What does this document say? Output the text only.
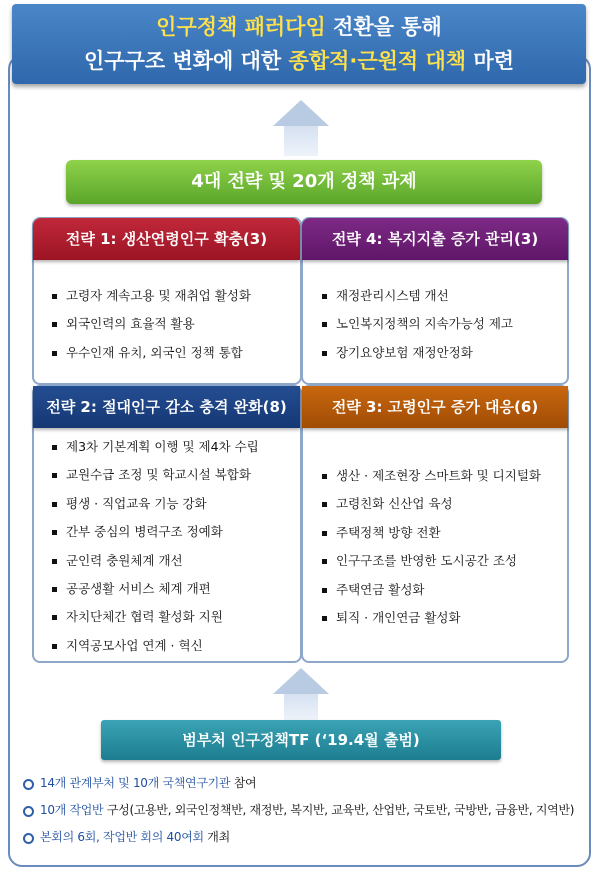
인구정책 패러다임 전환을 통해
인구구조 변화에 대한 종합적·근원적 대책 마련
4대 전략 및 20개 정책 과제
전략 1: 생산연령인구 확충(3)	전략 4: 복지지출 증가 관리(3)
전략 2: 절대인구 감소 충격 완화(8)	전략 3: 고령인구 증가 대응(6)
고령자 계속고용 및 재취업 활성화
외국인력의 효율적 활용
우수인재 유치, 외국인 정책 통합
재정관리시스템 개선
노인복지정책의 지속가능성 제고
장기요양보험 재정안정화
제3차 기본계획 이행 및 제4차 수립
교원수급 조정 및 학교시설 복합화
평생 · 직업교육 기능 강화
간부 중심의 병력구조 정예화
군인력 충원체계 개선
공공생활 서비스 체계 개편
자치단체간 협력 활성화 지원
지역공모사업 연계 · 혁신
생산 · 제조현장 스마트화 및 디지털화
고령친화 신산업 육성
주택정책 방향 전환
인구구조를 반영한 도시공간 조성
주택연금 활성화
퇴직 · 개인연금 활성화
범부처 인구정책TF (‘19.4월 출범)
14개 관계부처 및 10개 국책연구기관 참여
10개 작업반 구성(고용반, 외국인정책반, 재정반, 복지반, 교육반, 산업반, 국토반, 국방반, 금융반, 지역반)
본회의 6회, 작업반 회의 40여회 개최
